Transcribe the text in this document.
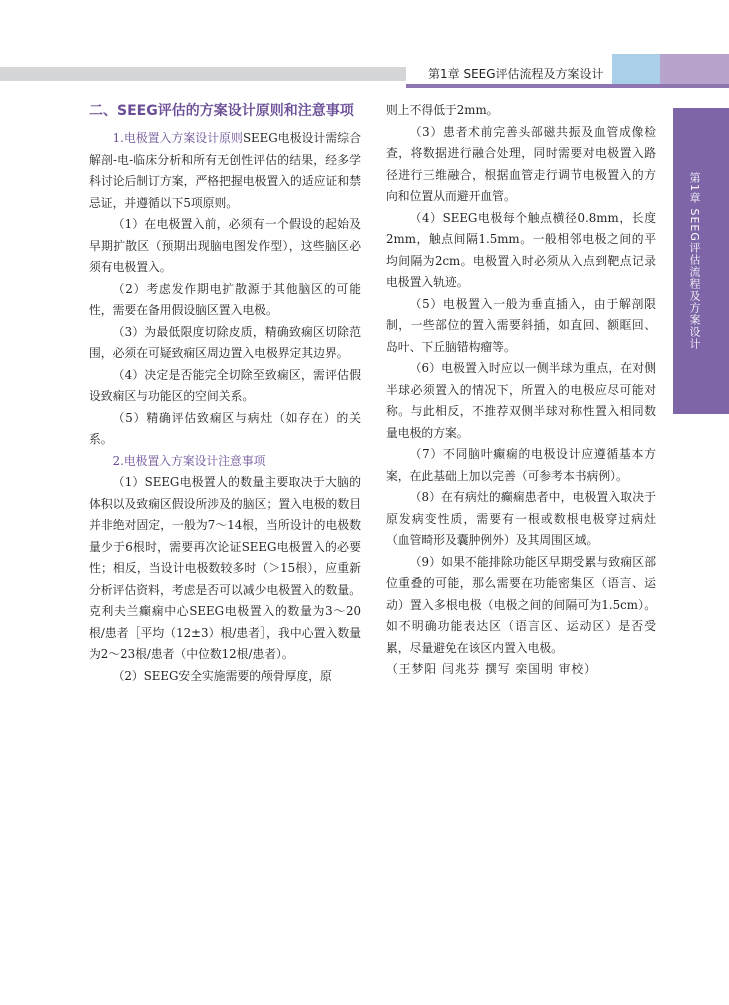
第1章 SEEG评估流程及方案设计
第1章 SEEG评估流程及方案设计

二、SEEG评估的方案设计原则和注意事项

1.电极置入方案设计原则SEEG电极设计需综合解剖-电-临床分析和所有无创性评估的结果，经多学科讨论后制订方案，严格把握电极置入的适应证和禁忌证，并遵循以下5项原则。

（1）在电极置入前，必须有一个假设的起始及早期扩散区（预期出现脑电图发作型），这些脑区必须有电极置入。

（2）考虑发作期电扩散源于其他脑区的可能性，需要在备用假设脑区置入电极。

（3）为最低限度切除皮质，精确致痫区切除范围，必须在可疑致痫区周边置入电极界定其边界。

（4）决定是否能完全切除至致痫区，需评估假设致痫区与功能区的空间关系。

（5）精确评估致痫区与病灶（如存在）的关系。

2.电极置入方案设计注意事项

（1）SEEG电极置人的数量主要取决于大脑的体积以及致痫区假设所涉及的脑区；置入电极的数目并非绝对固定，一般为7～14根，当所设计的电极数量少于6根时，需要再次论证SEEG电极置入的必要性；相反，当设计电极数较多时（＞15根），应重新分析评估资料，考虑是否可以减少电极置入的数量。克利夫兰癫痫中心SEEG电极置入的数量为3～20根/患者［平均（12±3）根/患者］，我中心置入数量为2～23根/患者（中位数12根/患者）。

（2）SEEG安全实施需要的颅骨厚度，原

则上不得低于2mm。

（3）患者术前完善头部磁共振及血管成像检查，将数据进行融合处理，同时需要对电极置入路径进行三维融合，根据血管走行调节电极置入的方向和位置从而避开血管。

（4）SEEG电极每个触点横径0.8mm，长度2mm，触点间隔1.5mm。一般相邻电极之间的平均间隔为2cm。电极置入时必须从入点到靶点记录电极置入轨迹。

（5）电极置入一般为垂直插入，由于解剖限制，一些部位的置入需要斜插，如直回、额眶回、岛叶、下丘脑错构瘤等。

（6）电极置入时应以一侧半球为重点，在对侧半球必须置入的情况下，所置入的电极应尽可能对称。与此相反，不推荐双侧半球对称性置入相同数量电极的方案。

（7）不同脑叶癫痫的电极设计应遵循基本方案，在此基础上加以完善（可参考本书病例）。

（8）在有病灶的癫痫患者中，电极置入取决于原发病变性质，需要有一根或数根电极穿过病灶（血管畸形及囊肿例外）及其周围区域。

（9）如果不能排除功能区早期受累与致痫区部位重叠的可能，那么需要在功能密集区（语言、运动）置入多根电极（电极之间的间隔可为1.5cm）。如不明确功能表达区（语言区、运动区）是否受累，尽量避免在该区内置入电极。

（王梦阳 闫兆芬 撰写 栾国明 审校）
